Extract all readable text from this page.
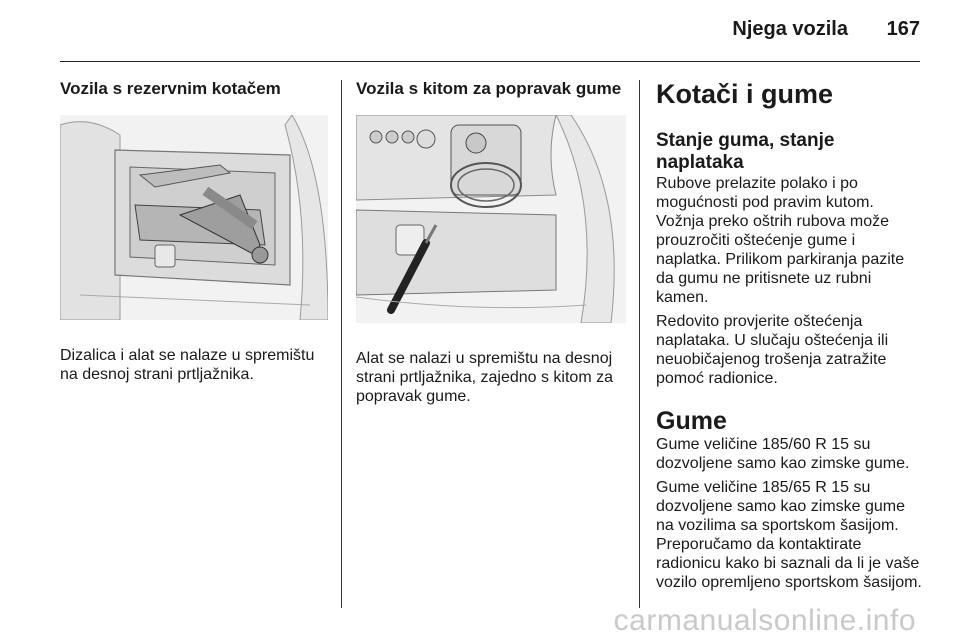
Njega vozila 167
Vozila s rezervnim kotačem

Dizalica i alat se nalaze u spremištu na desnoj strani prtljažnika.

Vozila s kitom za popravak gume

Alat se nalazi u spremištu na desnoj strani prtljažnika, zajedno s kitom za popravak gume.

Kotači i gume
Stanje guma, stanje naplataka

Rubove prelazite polako i po mogućnosti pod pravim kutom. Vožnja preko oštrih rubova može prouzročiti oštećenje gume i naplatka. Prilikom parkiranja pazite da gumu ne pritisnete uz rubni kamen.

Redovito provjerite oštećenja naplataka. U slučaju oštećenja ili neuobičajenog trošenja zatražite pomoć radionice.

Gume

Gume veličine 185/60 R 15 su dozvoljene samo kao zimske gume.

Gume veličine 185/65 R 15 su dozvoljene samo kao zimske gume na vozilima sa sportskom šasijom. Preporučamo da kontaktirate radionicu kako bi saznali da li je vaše vozilo opremljeno sportskom šasijom.

carmanualsonline.info
